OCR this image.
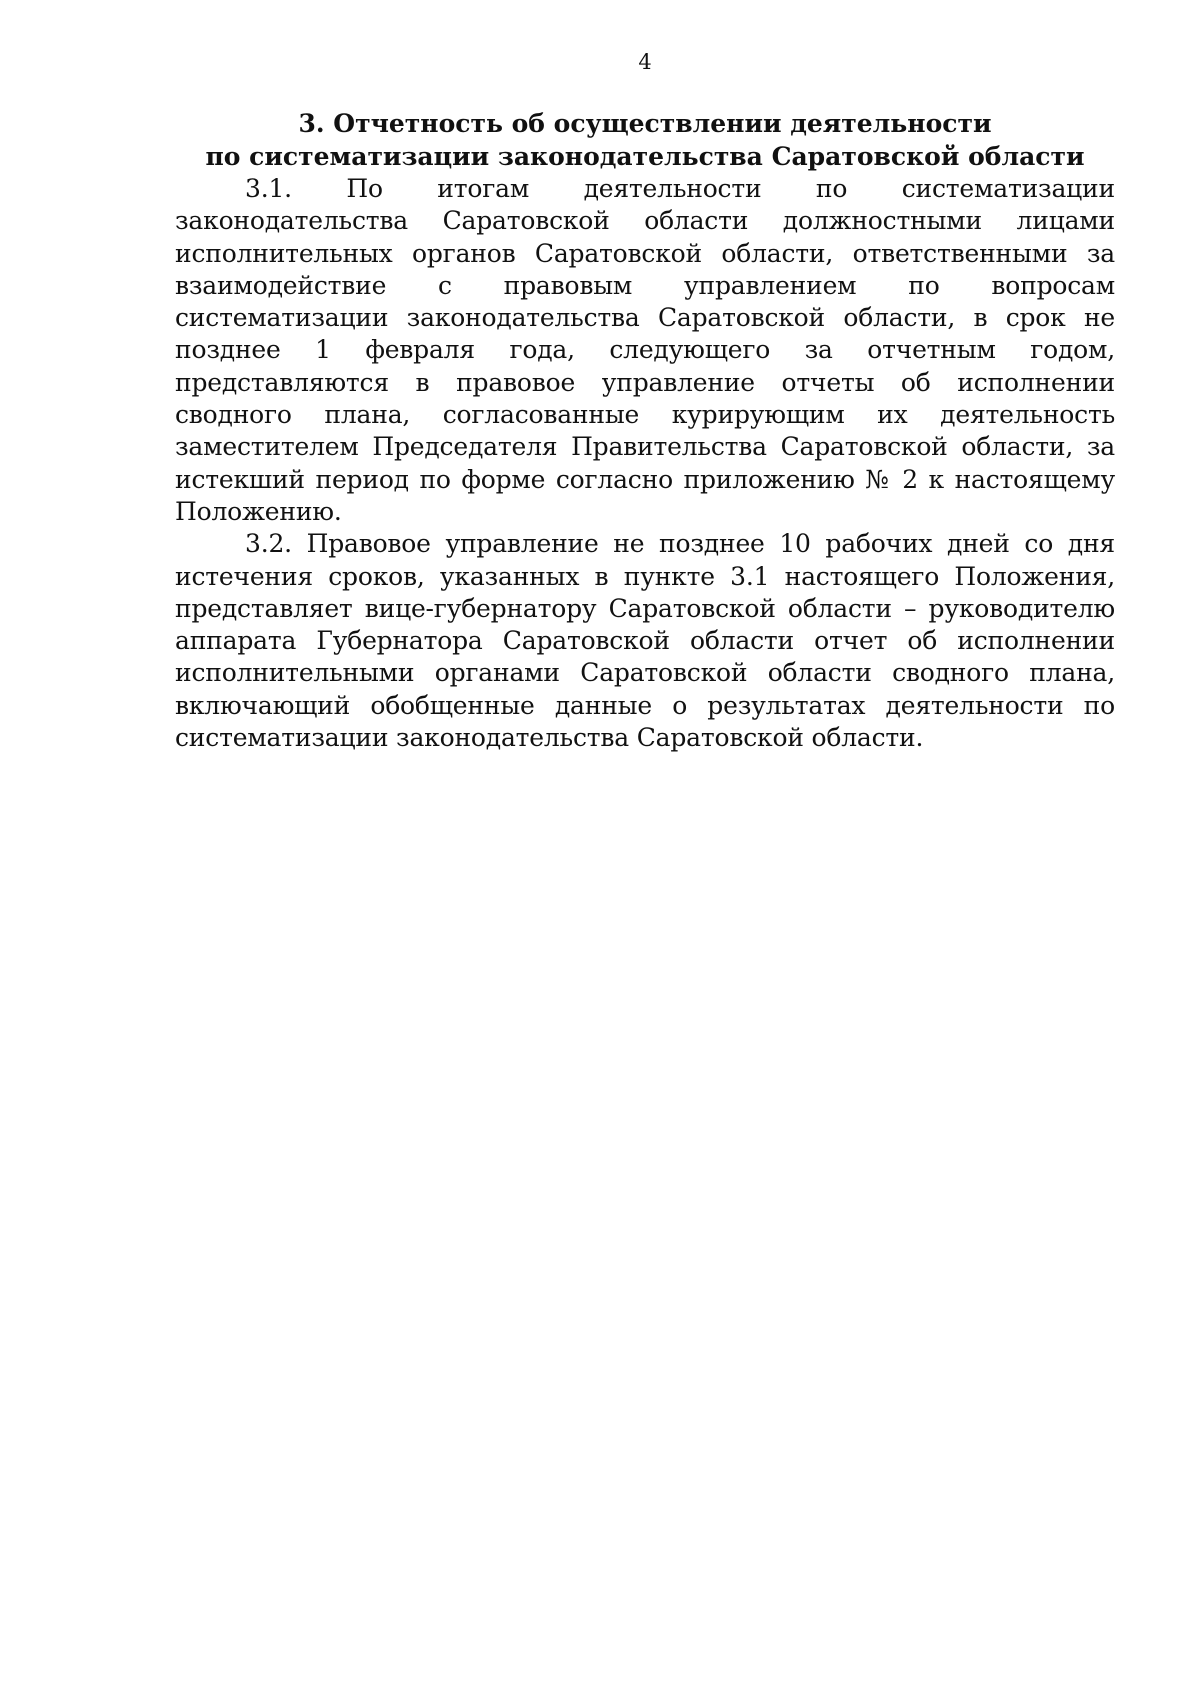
4
3. Отчетность об осуществлении деятельности
по систематизации законодательства Саратовской области

3.1. По итогам деятельности по систематизации законодательства Саратовской области должностными лицами исполнительных органов Саратовской области, ответственными за взаимодействие с правовым управлением по вопросам систематизации законодательства Саратовской области, в срок не позднее 1 февраля года, следующего за отчетным годом, представляются в правовое управление отчеты об исполнении сводного плана, согласованные курирующим их деятельность заместителем Председателя Правительства Саратовской области, за истекший период по форме согласно приложению № 2 к настоящему Положению.

3.2. Правовое управление не позднее 10 рабочих дней со дня истечения сроков, указанных в пункте 3.1 настоящего Положения, представляет вице-губернатору Саратовской области – руководителю аппарата Губернатора Саратовской области отчет об исполнении исполнительными органами Саратовской области сводного плана, включающий обобщенные данные о результатах деятельности по систематизации законодательства Саратовской области.
